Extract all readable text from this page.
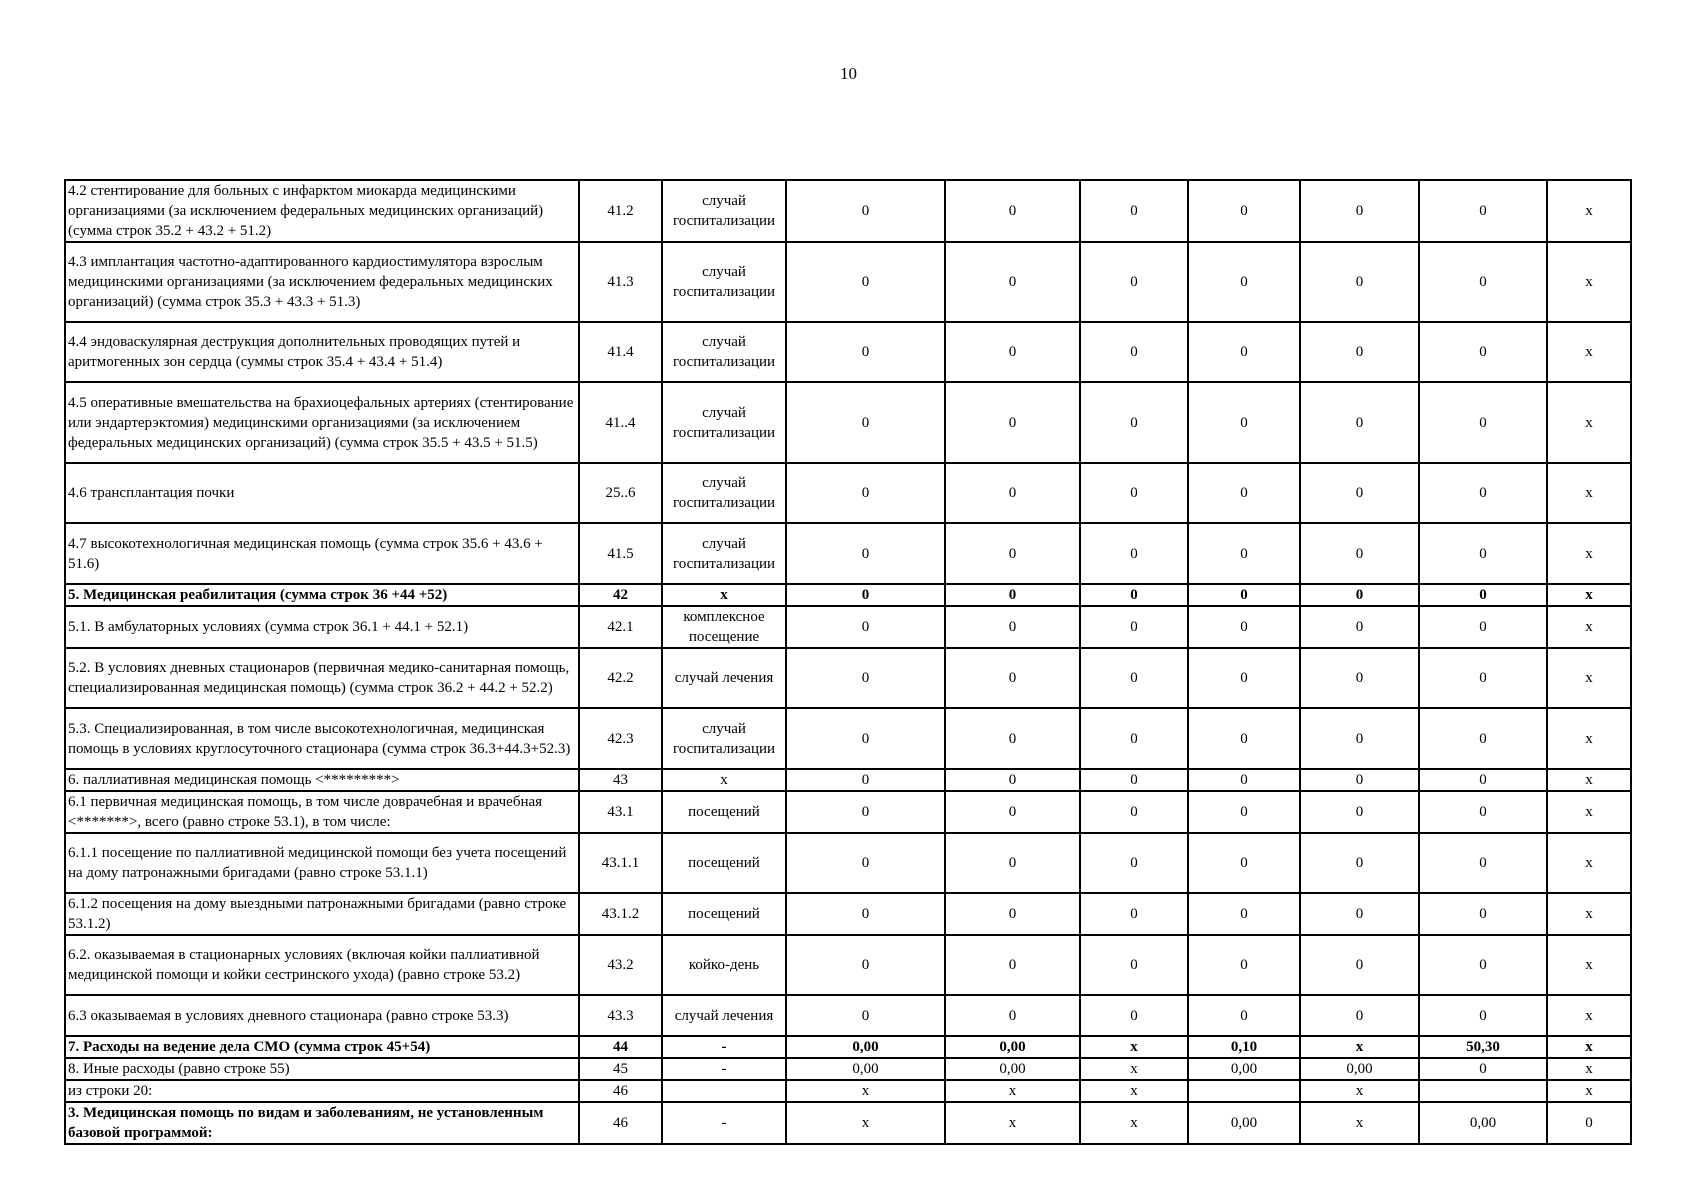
10
4.2 стентирование для больных с инфарктом миокарда медицинскими организациями (за исключением федеральных медицинских организаций) (сумма строк 35.2 + 43.2 + 51.2)	41.2	случай госпитализации	0	0	0	0	0	0	х
4.3 имплантация частотно-адаптированного кардиостимулятора взрослым медицинскими организациями (за исключением федеральных медицинских организаций) (сумма строк 35.3 + 43.3 + 51.3)	41.3	случай госпитализации	0	0	0	0	0	0	х
4.4 эндоваскулярная деструкция дополнительных проводящих путей и аритмогенных зон сердца (суммы строк 35.4 + 43.4 + 51.4)	41.4	случай госпитализации	0	0	0	0	0	0	х
4.5 оперативные вмешательства на брахиоцефальных артериях (стентирование или эндартерэктомия) медицинскими организациями (за исключением федеральных медицинских организаций) (сумма строк 35.5 + 43.5 + 51.5)	41..4	случай госпитализации	0	0	0	0	0	0	х
4.6 трансплантация почки	25..6	случай госпитализации	0	0	0	0	0	0	х
4.7 высокотехнологичная медицинская помощь (сумма строк 35.6 + 43.6 + 51.6)	41.5	случай госпитализации	0	0	0	0	0	0	х
5. Медицинская реабилитация (сумма строк 36 +44 +52)	42	х	0	0	0	0	0	0	х
5.1. В амбулаторных условиях (сумма строк 36.1 + 44.1 + 52.1)	42.1	комплексное посещение	0	0	0	0	0	0	х
5.2. В условиях дневных стационаров (первичная медико-санитарная помощь, специализированная медицинская помощь) (сумма строк 36.2 + 44.2 + 52.2)	42.2	случай лечения	0	0	0	0	0	0	х
5.3. Специализированная, в том числе высокотехнологичная, медицинская помощь в условиях круглосуточного стационара (сумма строк 36.3+44.3+52.3)	42.3	случай госпитализации	0	0	0	0	0	0	х
6. паллиативная медицинская помощь <*********>	43	х	0	0	0	0	0	0	х
6.1 первичная медицинская помощь, в том числе доврачебная и врачебная <*******>, всего (равно строке 53.1), в том числе:	43.1	посещений	0	0	0	0	0	0	х
6.1.1 посещение по паллиативной медицинской помощи без учета посещений на дому патронажными бригадами (равно строке 53.1.1)	43.1.1	посещений	0	0	0	0	0	0	х
6.1.2 посещения на дому выездными патронажными бригадами (равно строке 53.1.2)	43.1.2	посещений	0	0	0	0	0	0	х
6.2. оказываемая в стационарных условиях (включая койки паллиативной медицинской помощи и койки сестринского ухода) (равно строке 53.2)	43.2	койко-день	0	0	0	0	0	0	х
6.3 оказываемая в условиях дневного стационара (равно строке 53.3)	43.3	случай лечения	0	0	0	0	0	0	х
7. Расходы на ведение дела СМО (сумма строк 45+54)	44	-	0,00	0,00	х	0,10	х	50,30	х
8. Иные расходы (равно строке 55)	45	-	0,00	0,00	х	0,00	0,00	0	х
из строки 20:	46		х	х	х		х		х
3. Медицинская помощь по видам и заболеваниям, не установленным базовой программой:	46	-	х	х	х	0,00	х	0,00	0
